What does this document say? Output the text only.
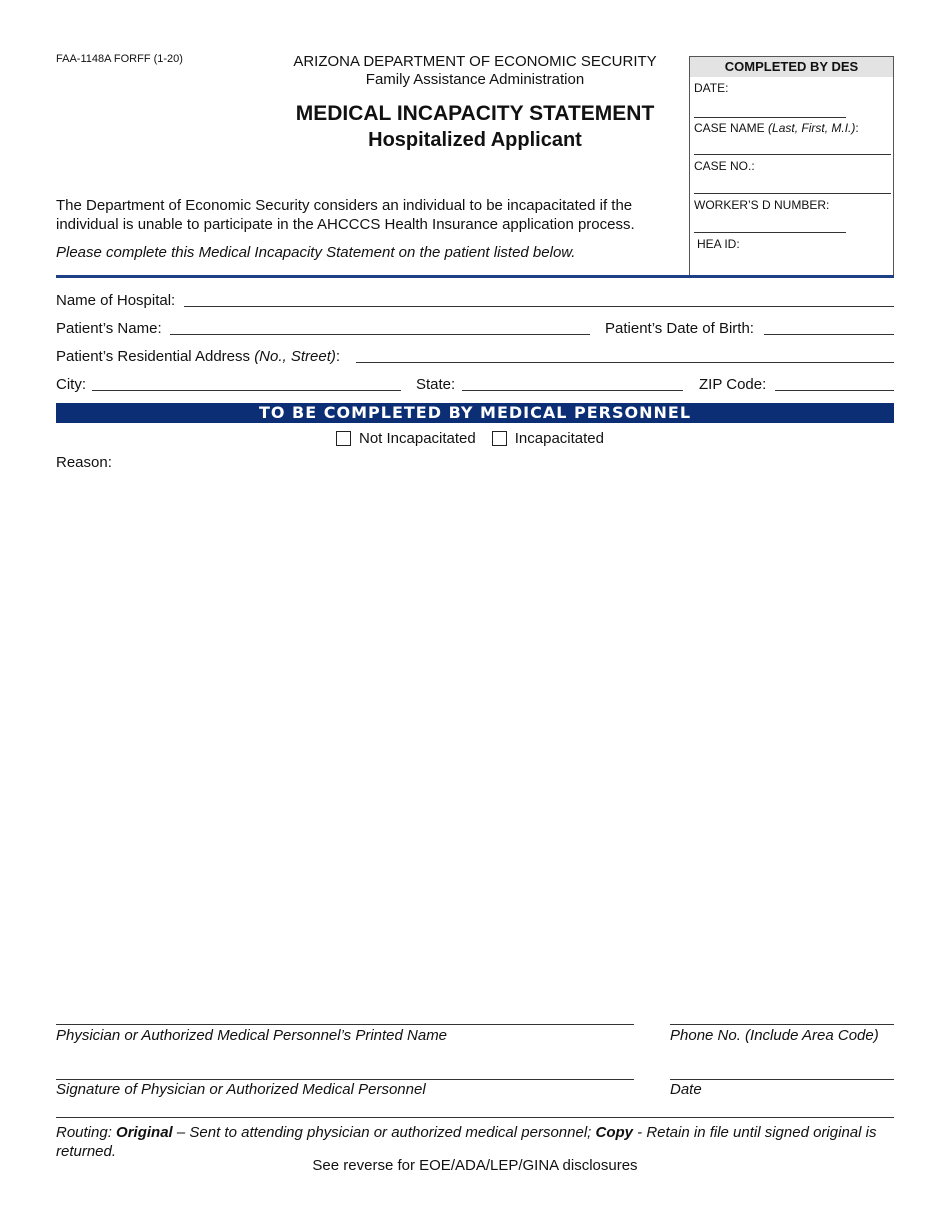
FAA-1148A FORFF (1-20)	ARIZONA DEPARTMENT OF ECONOMIC SECURITY
Family Assistance Administration
MEDICAL INCAPACITY STATEMENT
Hospitalized Applicant
The Department of Economic Security considers an individual to be incapacitated if the individual is unable to participate in the AHCCCS Health Insurance application process.
Please complete this Medical Incapacity Statement on the patient listed below.
COMPLETED BY DES
DATE:
CASE NAME (Last, First, M.I.):
CASE NO.:
WORKER’S D NUMBER:
HEA ID:
Name of Hospital:
Patient’s Name:	Patient’s Date of Birth:
Patient’s Residential Address (No., Street):
City:	State:	ZIP Code:
TO BE COMPLETED BY MEDICAL PERSONNEL
Not Incapacitated	Incapacitated
Reason:
Physician or Authorized Medical Personnel’s Printed Name	Phone No. (Include Area Code)
Signature of Physician or Authorized Medical Personnel	Date
Routing: Original – Sent to attending physician or authorized medical personnel; Copy - Retain in file until signed original is returned.
See reverse for EOE/ADA/LEP/GINA disclosures
